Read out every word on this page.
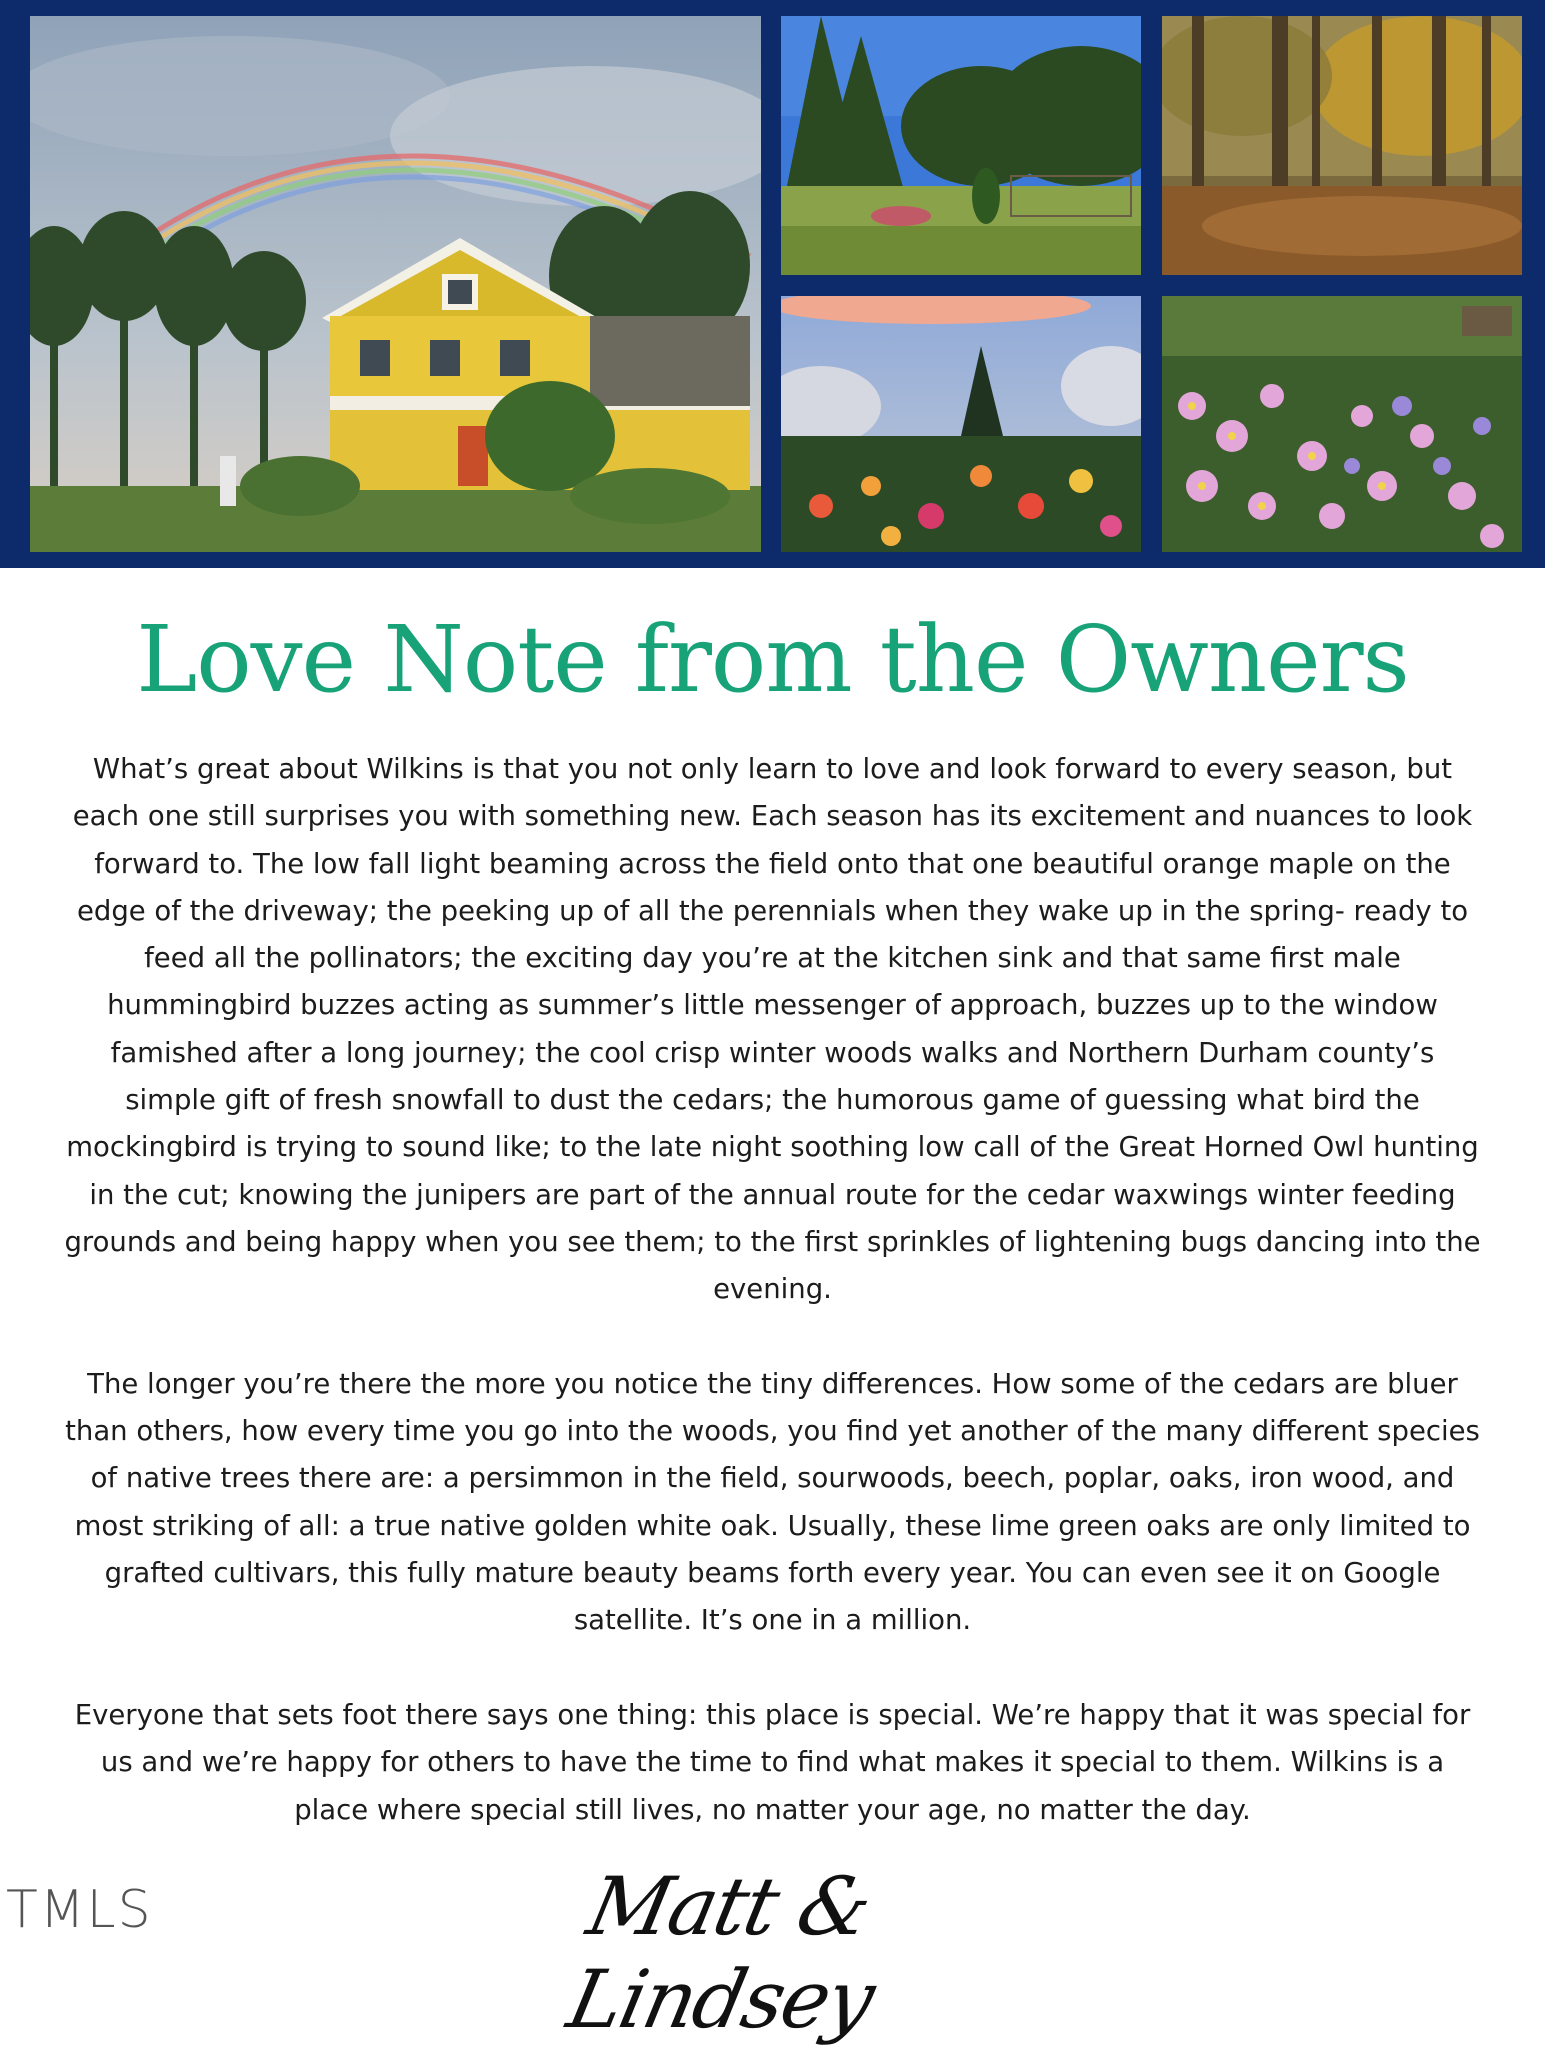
Love Note from the Owners

What’s great about Wilkins is that you not only learn to love and look forward to every season, but each one still surprises you with something new. Each season has its excitement and nuances to look forward to. The low fall light beaming across the field onto that one beautiful orange maple on the edge of the driveway; the peeking up of all the perennials when they wake up in the spring- ready to feed all the pollinators; the exciting day you’re at the kitchen sink and that same first male hummingbird buzzes acting as summer’s little messenger of approach, buzzes up to the window famished after a long journey; the cool crisp winter woods walks and Northern Durham county’s simple gift of fresh snowfall to dust the cedars; the humorous game of guessing what bird the mockingbird is trying to sound like; to the late night soothing low call of the Great Horned Owl hunting in the cut; knowing the junipers are part of the annual route for the cedar waxwings winter feeding grounds and being happy when you see them; to the first sprinkles of lightening bugs dancing into the evening.

The longer you’re there the more you notice the tiny differences. How some of the cedars are bluer than others, how every time you go into the woods, you find yet another of the many different species of native trees there are: a persimmon in the field, sourwoods, beech, poplar, oaks, iron wood, and most striking of all: a true native golden white oak. Usually, these lime green oaks are only limited to grafted cultivars, this fully mature beauty beams forth every year. You can even see it on Google satellite. It’s one in a million.

Everyone that sets foot there says one thing: this place is special. We’re happy that it was special for us and we’re happy for others to have the time to find what makes it special to them. Wilkins is a place where special still lives, no matter your age, no matter the day.

TMLS	Matt & Lindsey
